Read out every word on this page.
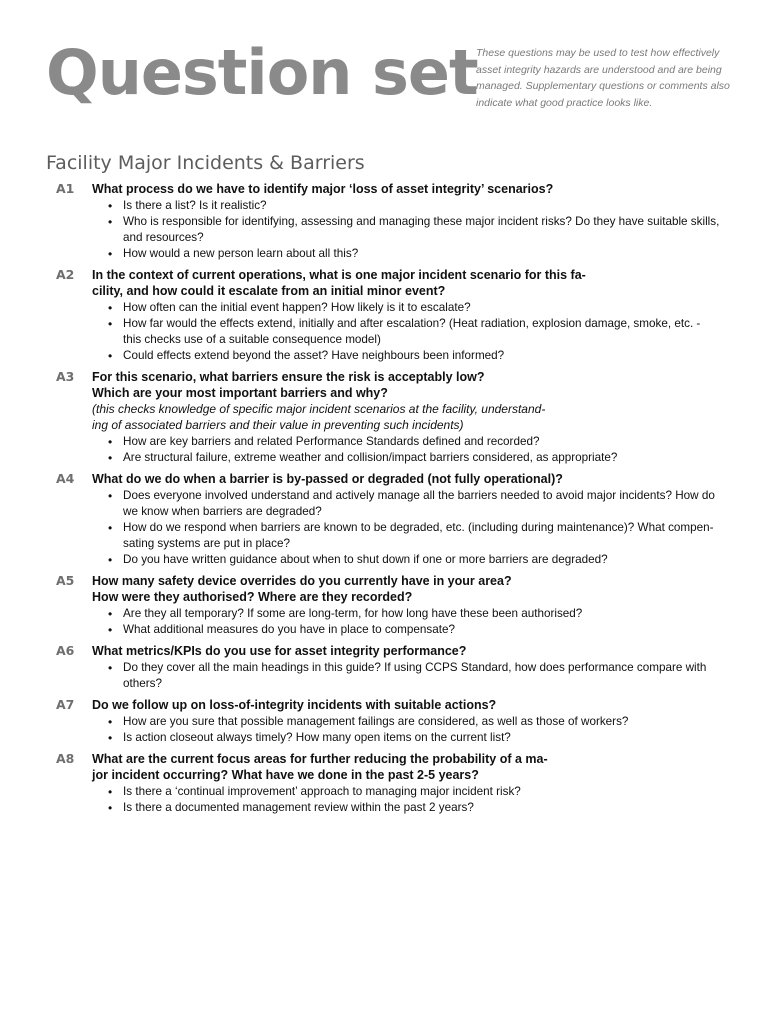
Question set
These questions may be used to test how effectively asset integrity hazards are understood and are being managed. Supplementary questions or comments also indicate what good practice looks like.
Facility Major Incidents & Barriers
A1 What process do we have to identify major ‘loss of asset integrity’ scenarios?
• Is there a list? Is it realistic?
• Who is responsible for identifying, assessing and managing these major incident risks? Do they have suitable skills,
and resources?
• How would a new person learn about all this?
A2 In the context of current operations, what is one major incident scenario for this fa-
cility, and how could it escalate from an initial minor event?
• How often can the initial event happen? How likely is it to escalate?
• How far would the effects extend, initially and after escalation? (Heat radiation, explosion damage, smoke, etc. -
this checks use of a suitable consequence model)
• Could effects extend beyond the asset? Have neighbours been informed?
A3 For this scenario, what barriers ensure the risk is acceptably low?
Which are your most important barriers and why?
(this checks knowledge of specific major incident scenarios at the facility, understand-
ing of associated barriers and their value in preventing such incidents)
• How are key barriers and related Performance Standards defined and recorded?
• Are structural failure, extreme weather and collision/impact barriers considered, as appropriate?
A4 What do we do when a barrier is by-passed or degraded (not fully operational)?
• Does everyone involved understand and actively manage all the barriers needed to avoid major incidents? How do
we know when barriers are degraded?
• How do we respond when barriers are known to be degraded, etc. (including during maintenance)? What compen-
sating systems are put in place?
• Do you have written guidance about when to shut down if one or more barriers are degraded?
A5 How many safety device overrides do you currently have in your area?
How were they authorised? Where are they recorded?
• Are they all temporary? If some are long-term, for how long have these been authorised?
• What additional measures do you have in place to compensate?
A6 What metrics/KPIs do you use for asset integrity performance?
• Do they cover all the main headings in this guide? If using CCPS Standard, how does performance compare with
others?
A7 Do we follow up on loss-of-integrity incidents with suitable actions?
• How are you sure that possible management failings are considered, as well as those of workers?
• Is action closeout always timely? How many open items on the current list?
A8 What are the current focus areas for further reducing the probability of a ma-
jor incident occurring? What have we done in the past 2-5 years?
• Is there a ‘continual improvement’ approach to managing major incident risk?
• Is there a documented management review within the past 2 years?
